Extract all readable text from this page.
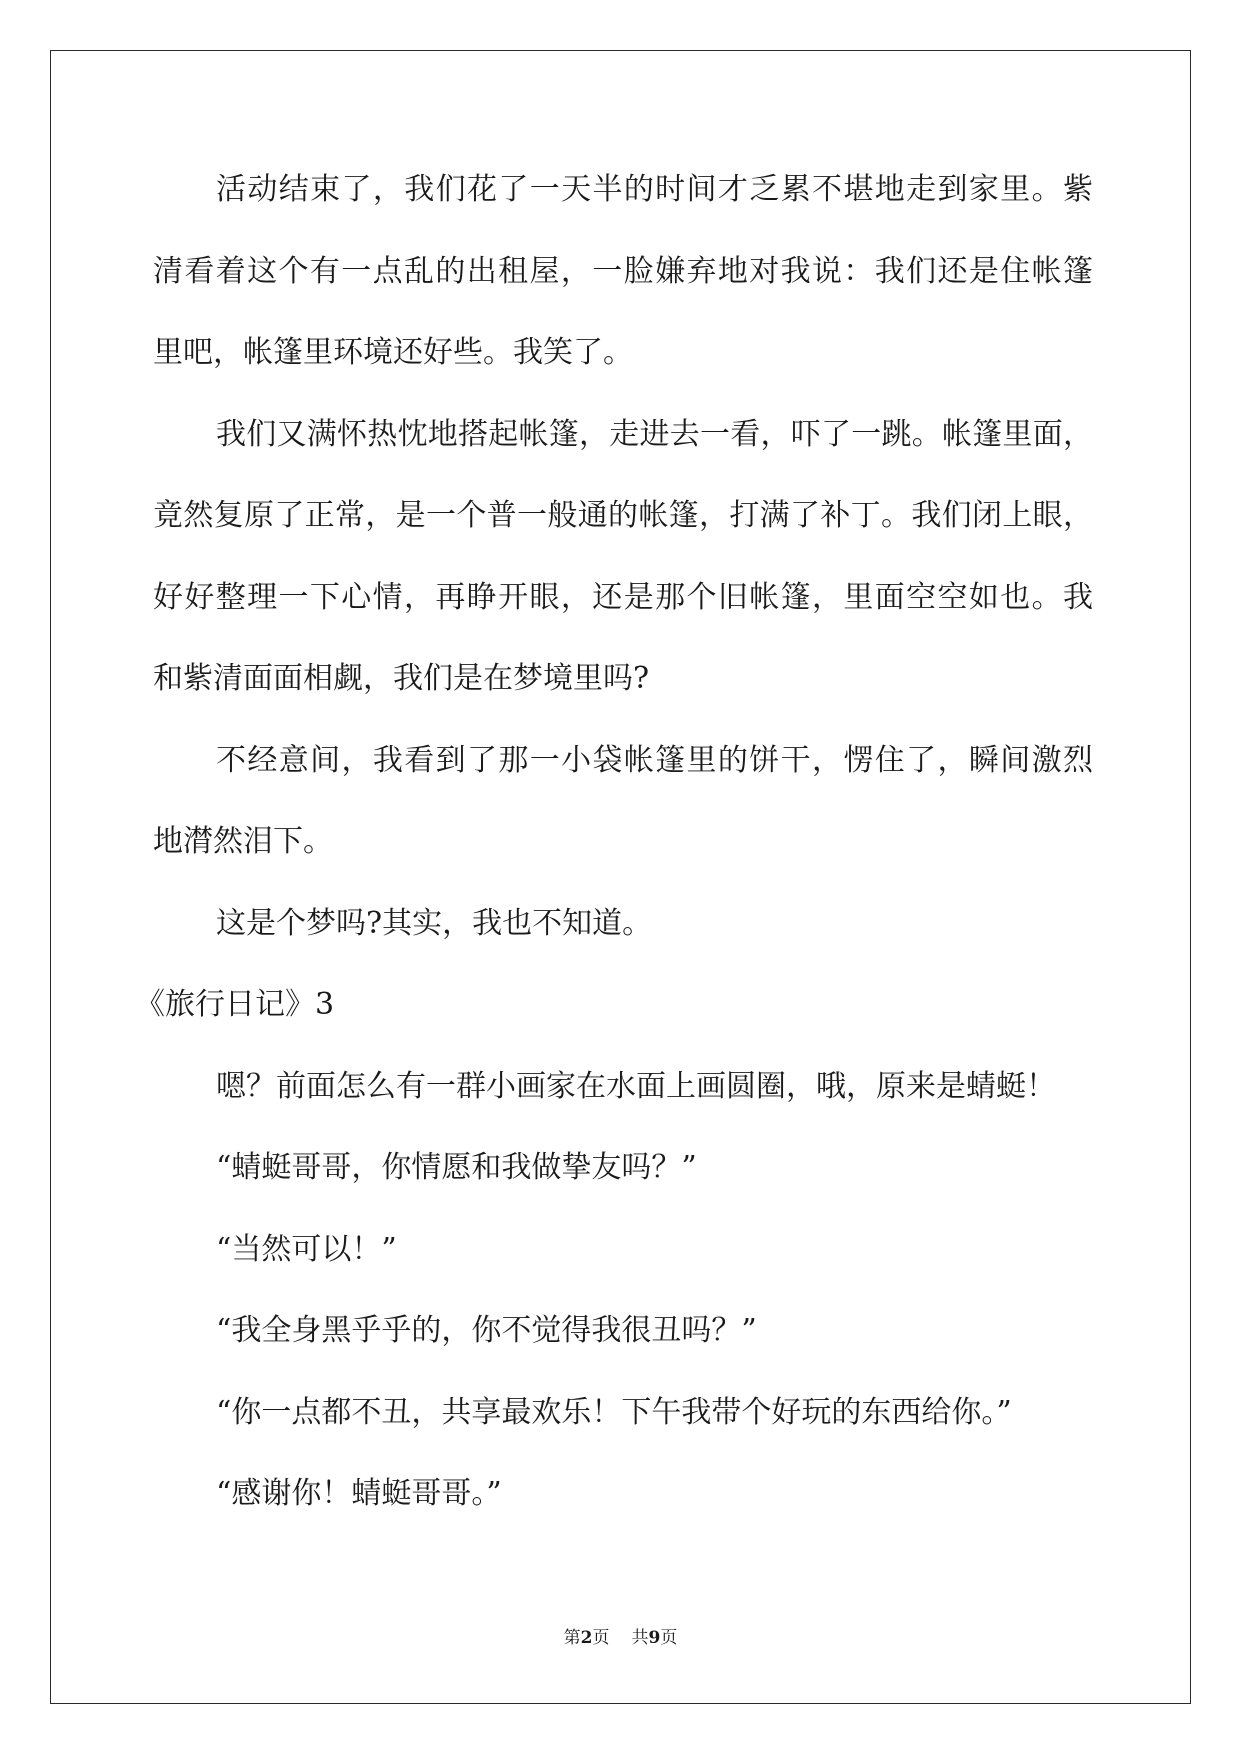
活动结束了，我们花了一天半的时间才乏累不堪地走到家里。紫
清看着这个有一点乱的出租屋，一脸嫌弃地对我说：我们还是住帐篷
里吧，帐篷里环境还好些。我笑了。
我们又满怀热忱地搭起帐篷，走进去一看，吓了一跳。帐篷里面，
竟然复原了正常，是一个普一般通的帐篷，打满了补丁。我们闭上眼，
好好整理一下心情，再睁开眼，还是那个旧帐篷，里面空空如也。我
和紫清面面相觑，我们是在梦境里吗?
不经意间，我看到了那一小袋帐篷里的饼干，愣住了，瞬间激烈
地潸然泪下。
这是个梦吗?其实，我也不知道。
《旅行日记》3
嗯？前面怎么有一群小画家在水面上画圆圈，哦，原来是蜻蜓！
“蜻蜓哥哥，你情愿和我做挚友吗？”
“当然可以！”
“我全身黑乎乎的，你不觉得我很丑吗？”
“你一点都不丑，共享最欢乐！下午我带个好玩的东西给你。”
“感谢你！蜻蜓哥哥。”
第2页 共9页
